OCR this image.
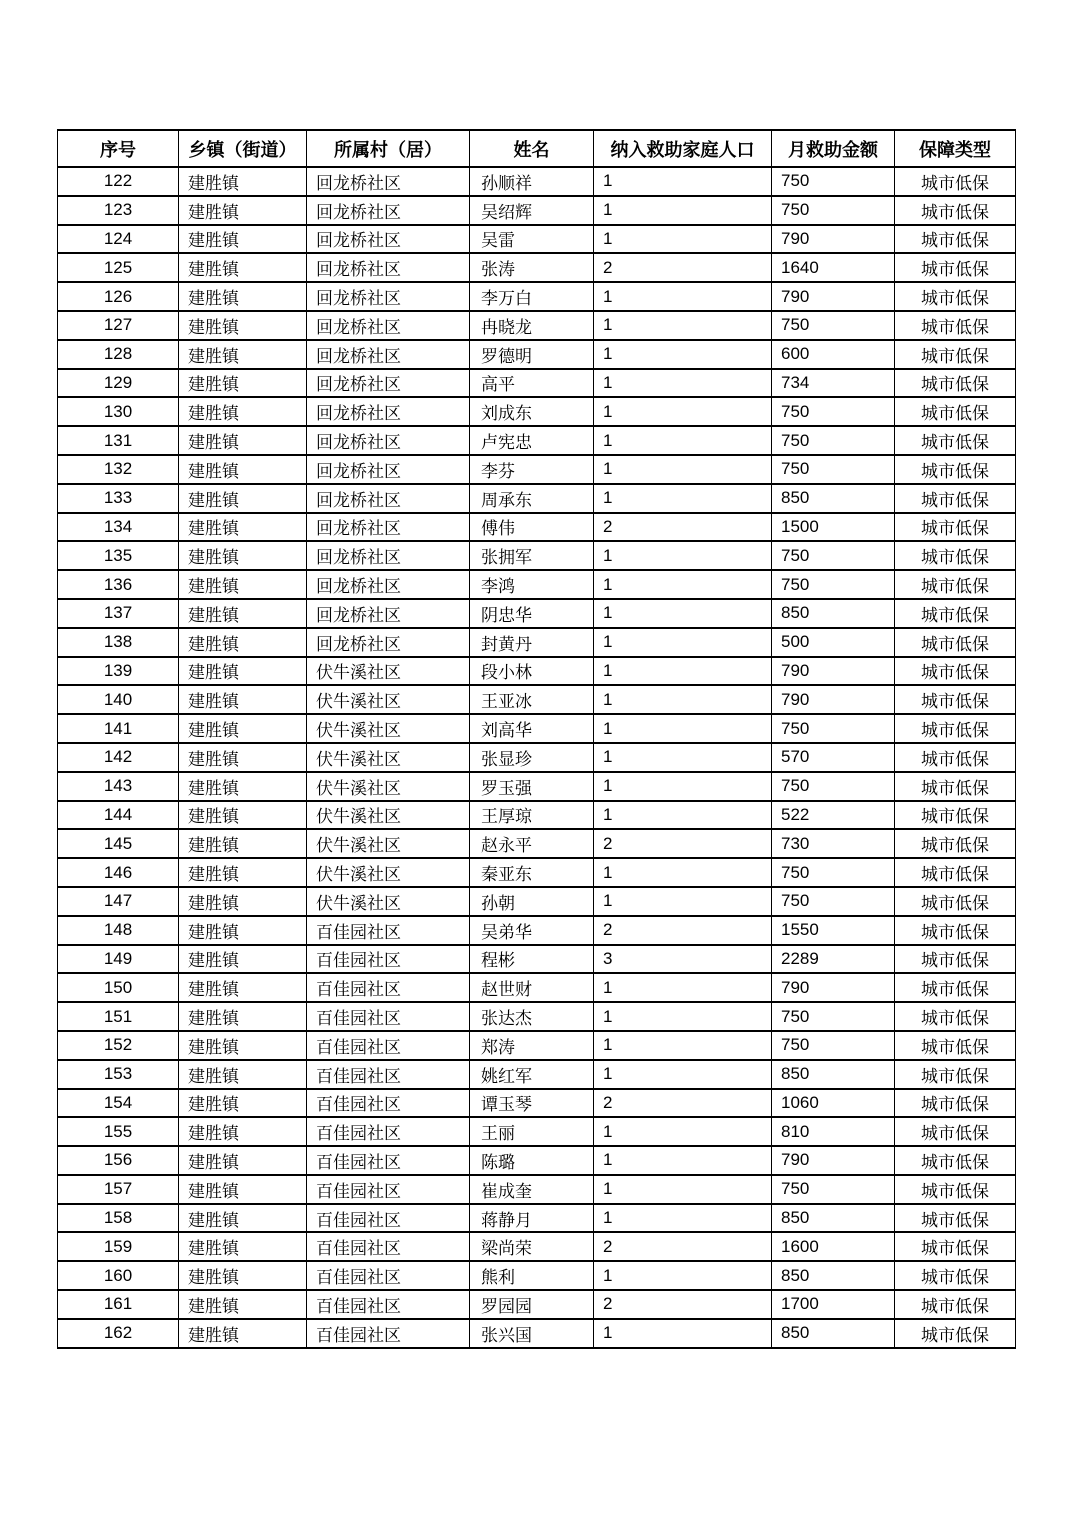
序号	乡镇（街道）	所属村（居）	姓名	纳入救助家庭人口	月救助金额	保障类型
122	建胜镇	回龙桥社区	孙顺祥	1	750	城市低保
123	建胜镇	回龙桥社区	吴绍辉	1	750	城市低保
124	建胜镇	回龙桥社区	吴雷	1	790	城市低保
125	建胜镇	回龙桥社区	张涛	2	1640	城市低保
126	建胜镇	回龙桥社区	李万白	1	790	城市低保
127	建胜镇	回龙桥社区	冉晓龙	1	750	城市低保
128	建胜镇	回龙桥社区	罗德明	1	600	城市低保
129	建胜镇	回龙桥社区	高平	1	734	城市低保
130	建胜镇	回龙桥社区	刘成东	1	750	城市低保
131	建胜镇	回龙桥社区	卢宪忠	1	750	城市低保
132	建胜镇	回龙桥社区	李芬	1	750	城市低保
133	建胜镇	回龙桥社区	周承东	1	850	城市低保
134	建胜镇	回龙桥社区	傅伟	2	1500	城市低保
135	建胜镇	回龙桥社区	张拥军	1	750	城市低保
136	建胜镇	回龙桥社区	李鸿	1	750	城市低保
137	建胜镇	回龙桥社区	阴忠华	1	850	城市低保
138	建胜镇	回龙桥社区	封黄丹	1	500	城市低保
139	建胜镇	伏牛溪社区	段小林	1	790	城市低保
140	建胜镇	伏牛溪社区	王亚冰	1	790	城市低保
141	建胜镇	伏牛溪社区	刘高华	1	750	城市低保
142	建胜镇	伏牛溪社区	张显珍	1	570	城市低保
143	建胜镇	伏牛溪社区	罗玉强	1	750	城市低保
144	建胜镇	伏牛溪社区	王厚琼	1	522	城市低保
145	建胜镇	伏牛溪社区	赵永平	2	730	城市低保
146	建胜镇	伏牛溪社区	秦亚东	1	750	城市低保
147	建胜镇	伏牛溪社区	孙朝	1	750	城市低保
148	建胜镇	百佳园社区	吴弟华	2	1550	城市低保
149	建胜镇	百佳园社区	程彬	3	2289	城市低保
150	建胜镇	百佳园社区	赵世财	1	790	城市低保
151	建胜镇	百佳园社区	张达杰	1	750	城市低保
152	建胜镇	百佳园社区	郑涛	1	750	城市低保
153	建胜镇	百佳园社区	姚红军	1	850	城市低保
154	建胜镇	百佳园社区	谭玉琴	2	1060	城市低保
155	建胜镇	百佳园社区	王丽	1	810	城市低保
156	建胜镇	百佳园社区	陈璐	1	790	城市低保
157	建胜镇	百佳园社区	崔成奎	1	750	城市低保
158	建胜镇	百佳园社区	蒋静月	1	850	城市低保
159	建胜镇	百佳园社区	梁尚荣	2	1600	城市低保
160	建胜镇	百佳园社区	熊利	1	850	城市低保
161	建胜镇	百佳园社区	罗园园	2	1700	城市低保
162	建胜镇	百佳园社区	张兴国	1	850	城市低保
